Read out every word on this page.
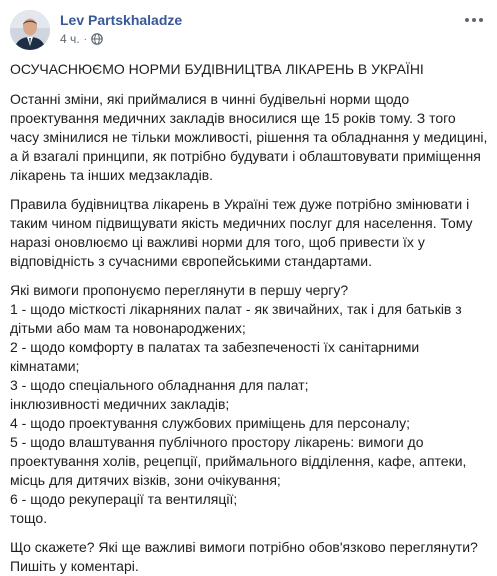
Lev Partskhaladze
4 ч. ·

ОСУЧАСНЮЄМО НОРМИ БУДІВНИЦТВА ЛІКАРЕНЬ В УКРАЇНІ

Останні зміни, які приймалися в чинні будівельні норми щодо проектування медичних закладів вносилися ще 15 років тому. З того часу змінилися не тільки можливості, рішення та обладнання у медицині, а й взагалі принципи, як потрібно будувати і облаштовувати приміщення лікарень та інших медзакладів.

Правила будівництва лікарень в Україні теж дуже потрібно змінювати і таким чином підвищувати якість медичних послуг для населення. Тому наразі оновлюємо ці важливі норми для того, щоб привести їх у відповідність з сучасними європейськими стандартами.

Які вимоги пропонуємо переглянути в першу чергу?

1 - щодо місткості лікарняних палат - як звичайних, так і для батьків з дітьми або мам та новонароджених;

2 - щодо комфорту в палатах та забезпеченості їх санітарними кімнатами;

3 - щодо спеціального обладнання для палат;

інклюзивності медичних закладів;

4 - щодо проектування службових приміщень для персоналу;

5 - щодо влаштування публічного простору лікарень: вимоги до проектування холів, рецепції, приймального відділення, кафе, аптеки, місць для дитячих візків, зони очікування;

6 - щодо рекуперації та вентиляції;

тощо.

Що скажете? Які ще важливі вимоги потрібно обов'язково переглянути? Пишіть у коментарі.
